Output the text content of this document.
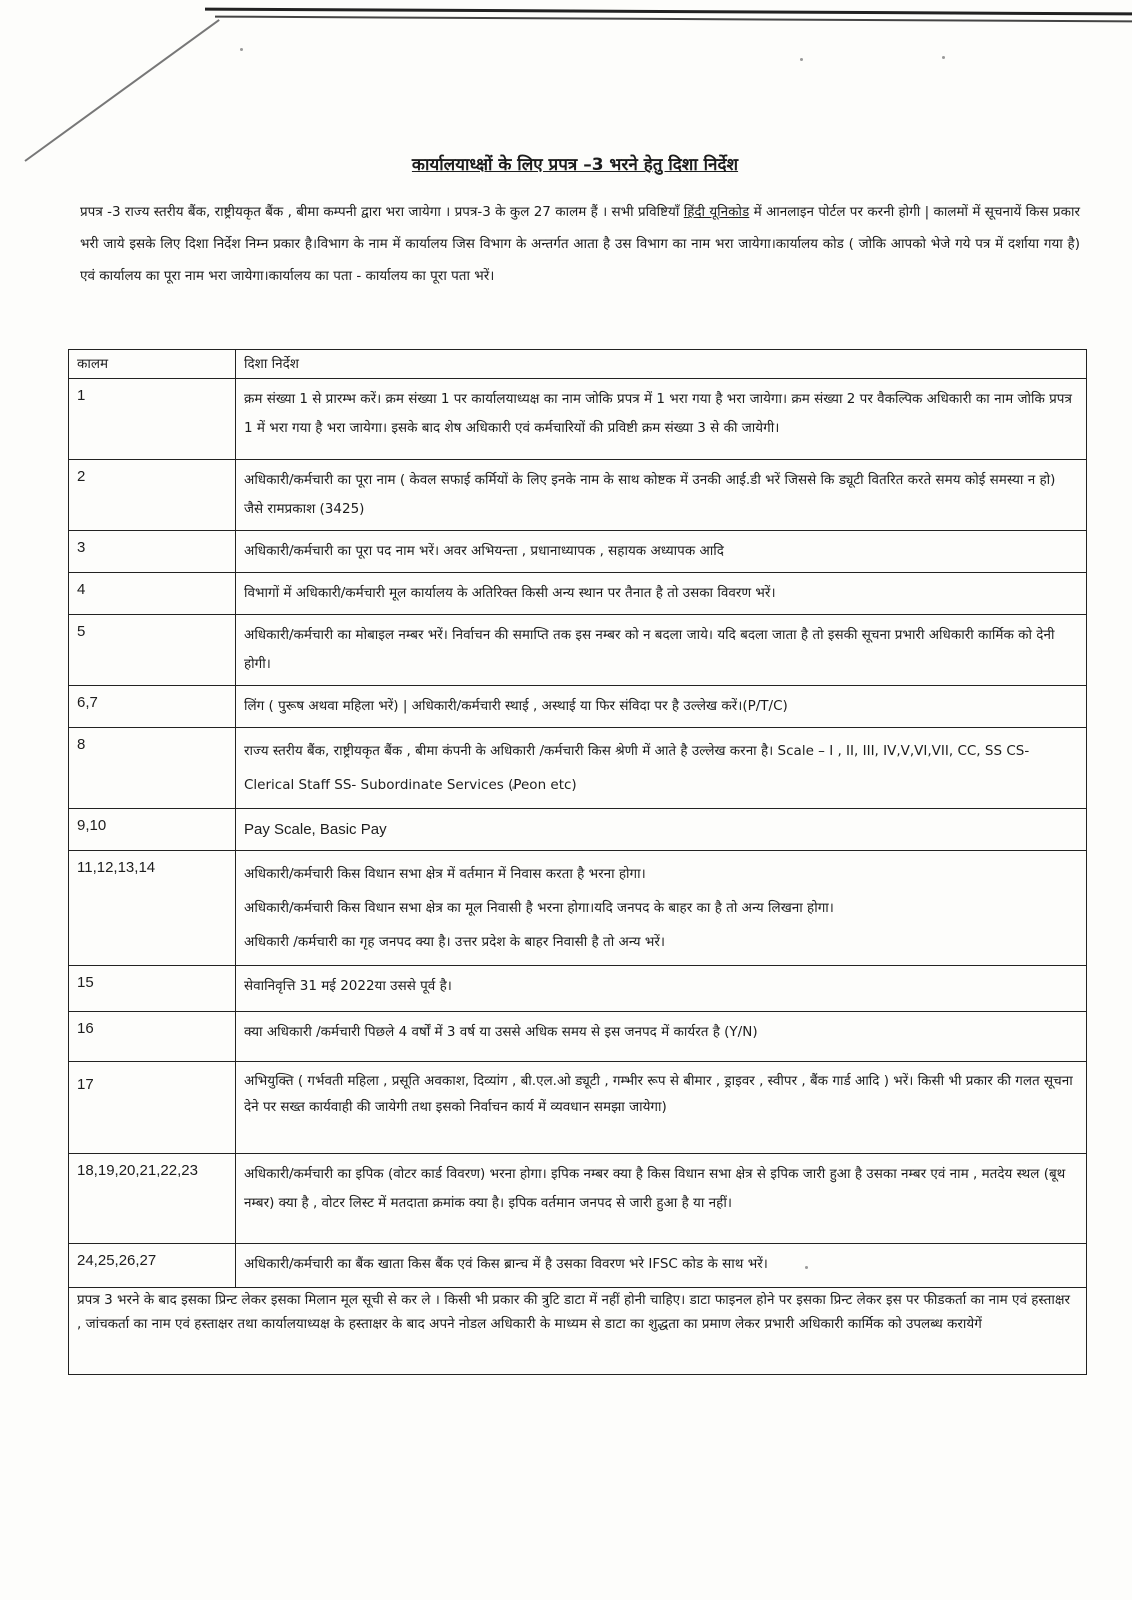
कार्यालयाध्क्षों के लिए प्रपत्र –3 भरने हेतु दिशा निर्देश
प्रपत्र -3 राज्य स्तरीय बैंक, राष्ट्रीयकृत बैंक , बीमा कम्पनी द्वारा भरा जायेगा । प्रपत्र-3 के कुल 27 कालम हैं । सभी प्रविष्टियाँ हिंदी यूनिकोड में आनलाइन पोर्टल पर करनी होगी | कालमों में सूचनायें किस प्रकार भरी जाये इसके लिए दिशा निर्देश निम्न प्रकार है।विभाग के नाम में कार्यालय जिस विभाग के अन्तर्गत आता है उस विभाग का नाम भरा जायेगा।कार्यालय कोड ( जोकि आपको भेजे गये पत्र में दर्शाया गया है) एवं कार्यालय का पूरा नाम भरा जायेगा।कार्यालय का पता - कार्यालय का पूरा पता भरें।
कालम	दिशा निर्देश
1	क्रम संख्या 1 से प्रारम्भ करें। क्रम संख्या 1 पर कार्यालयाध्यक्ष का नाम जोकि प्रपत्र में 1 भरा गया है भरा जायेगा। क्रम संख्या 2 पर वैकल्पिक अधिकारी का नाम जोकि प्रपत्र 1 में भरा गया है भरा जायेगा। इसके बाद शेष अधिकारी एवं कर्मचारियों की प्रविष्टी क्रम संख्या 3 से की जायेगी।
2	अधिकारी/कर्मचारी का पूरा नाम ( केवल सफाई कर्मियों के लिए इनके नाम के साथ कोष्टक में उनकी आई.डी भरें जिससे कि ड्यूटी वितरित करते समय कोई समस्या न हो) जैसे रामप्रकाश (3425)
3	अधिकारी/कर्मचारी का पूरा पद नाम भरें। अवर अभियन्ता , प्रधानाध्यापक , सहायक अध्यापक आदि
4	विभागों में अधिकारी/कर्मचारी मूल कार्यालय के अतिरिक्त किसी अन्य स्थान पर तैनात है तो उसका विवरण भरें।
5	अधिकारी/कर्मचारी का मोबाइल नम्बर भरें। निर्वाचन की समाप्ति तक इस नम्बर को न बदला जाये। यदि बदला जाता है तो इसकी सूचना प्रभारी अधिकारी कार्मिक को देनी होगी।
6,7	लिंग ( पुरूष अथवा महिला भरें) | अधिकारी/कर्मचारी स्थाई , अस्थाई या फिर संविदा पर है उल्लेख करें।(P/T/C)
8	राज्य स्तरीय बैंक, राष्ट्रीयकृत बैंक , बीमा कंपनी के अधिकारी /कर्मचारी किस श्रेणी में आते है उल्लेख करना है। Scale – I , II, III, IV,V,VI,VII, CC, SS CS- Clerical Staff SS- Subordinate Services (Peon etc)
9,10	Pay Scale, Basic Pay
11,12,13,14	अधिकारी/कर्मचारी किस विधान सभा क्षेत्र में वर्तमान में निवास करता है भरना होगा।
अधिकारी/कर्मचारी किस विधान सभा क्षेत्र का मूल निवासी है भरना होगा।यदि जनपद के बाहर का है तो अन्य लिखना होगा।
अधिकारी /कर्मचारी का गृह जनपद क्या है। उत्तर प्रदेश के बाहर निवासी है तो अन्य भरें।

15	सेवानिवृत्ति 31 मई 2022या उससे पूर्व है।
16	क्या अधिकारी /कर्मचारी पिछले 4 वर्षों में 3 वर्ष या उससे अधिक समय से इस जनपद में कार्यरत है (Y/N)
17	अभियुक्ति ( गर्भवती महिला , प्रसूति अवकाश, दिव्यांग , बी.एल.ओ ड्यूटी , गम्भीर रूप से बीमार , ड्राइवर , स्वीपर , बैंक गार्ड आदि ) भरें। किसी भी प्रकार की गलत सूचना देने पर सख्त कार्यवाही की जायेगी तथा इसको निर्वाचन कार्य में व्यवधान समझा जायेगा)
18,19,20,21,22,23	अधिकारी/कर्मचारी का इपिक (वोटर कार्ड विवरण) भरना होगा। इपिक नम्बर क्या है किस विधान सभा क्षेत्र से इपिक जारी हुआ है उसका नम्बर एवं नाम , मतदेय स्थल (बूथ नम्बर) क्या है , वोटर लिस्ट में मतदाता क्रमांक क्या है। इपिक वर्तमान जनपद से जारी हुआ है या नहीं।
24,25,26,27	अधिकारी/कर्मचारी का बैंक खाता किस बैंक एवं किस ब्रान्च में है उसका विवरण भरे IFSC कोड के साथ भरें।
प्रपत्र 3 भरने के बाद इसका प्रिन्ट लेकर इसका मिलान मूल सूची से कर ले । किसी भी प्रकार की त्रुटि डाटा में नहीं होनी चाहिए। डाटा फाइनल होने पर इसका प्रिन्ट लेकर इस पर फीडकर्ता का नाम एवं हस्ताक्षर , जांचकर्ता का नाम एवं हस्ताक्षर तथा कार्यालयाध्यक्ष के हस्ताक्षर के बाद अपने नोडल अधिकारी के माध्यम से डाटा का शुद्धता का प्रमाण लेकर प्रभारी अधिकारी कार्मिक को उपलब्ध करायेगें
